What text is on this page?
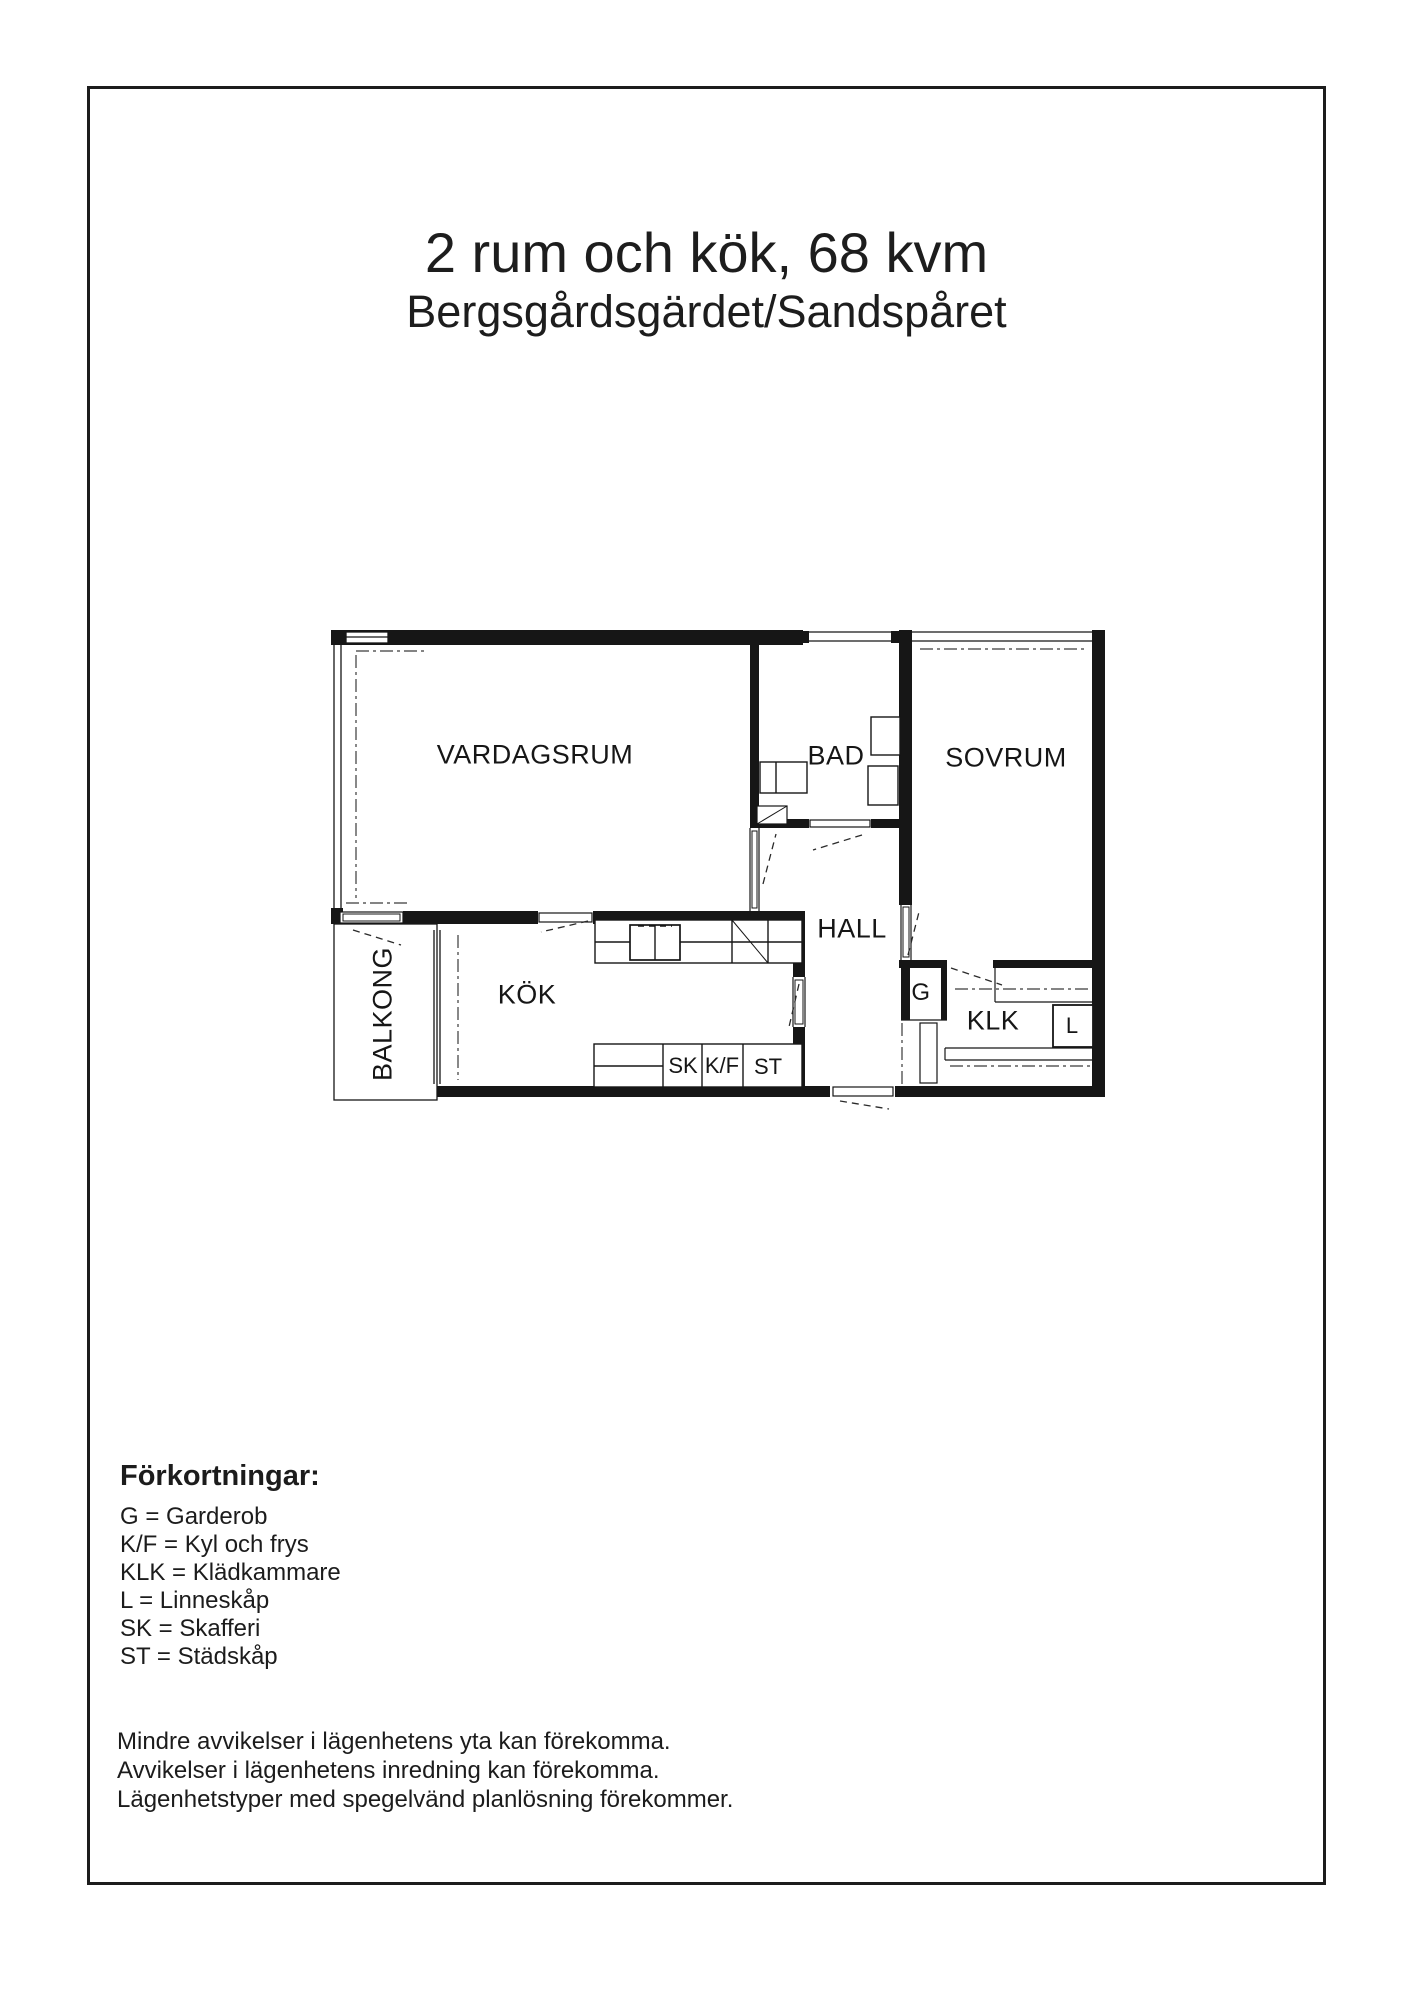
2 rum och kök, 68 kvm
Bergsgårdsgärdet/Sandspåret
VARDAGSRUM	BAD	SOVRUM
HALL
KÖK
BALKONG	KLK
G
L
SK K/F ST
Förkortningar:
G = Garderob
K/F = Kyl och frys
KLK = Klädkammare
L = Linneskåp
SK = Skafferi
ST = Städskåp
Mindre avvikelser i lägenhetens yta kan förekomma.
Avvikelser i lägenhetens inredning kan förekomma.
Lägenhetstyper med spegelvänd planlösning förekommer.
